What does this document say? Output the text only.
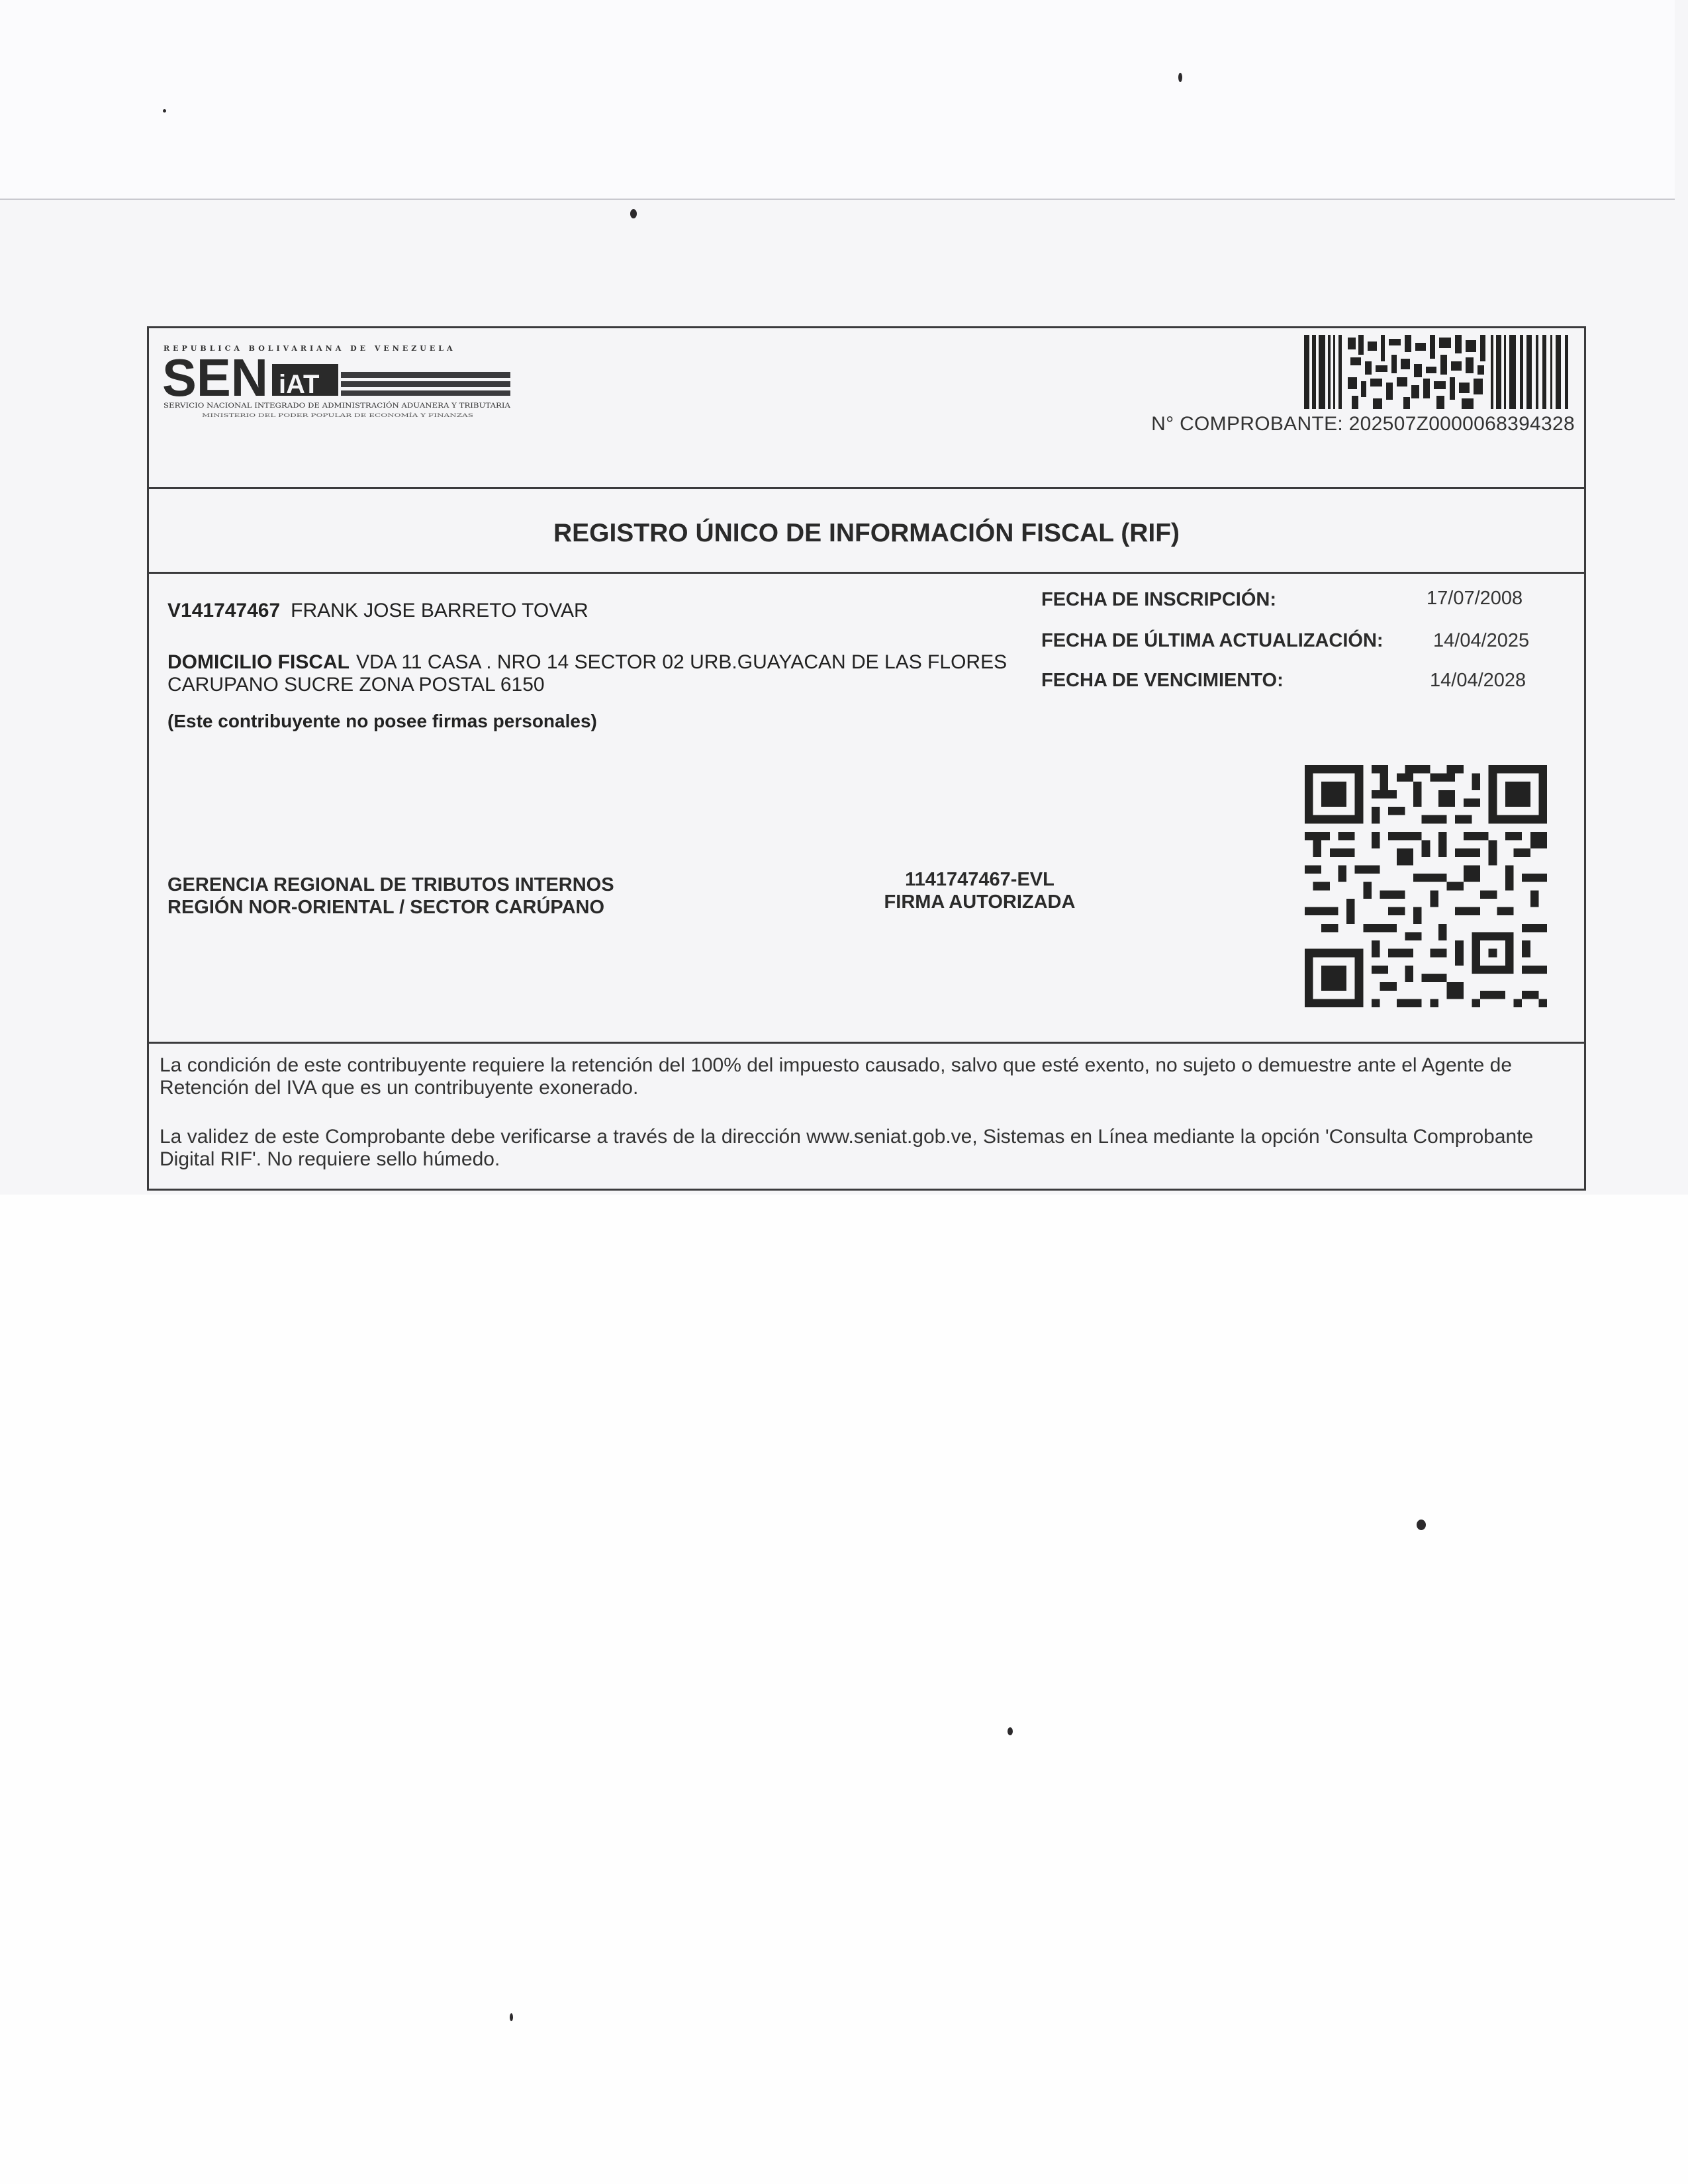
REPUBLICA BOLIVARIANA DE VENEZUELA
SEN iAT
SERVICIO NACIONAL INTEGRADO DE ADMINISTRACIÓN ADUANERA Y TRIBUTARIA
MINISTERIO DEL PODER POPULAR DE ECONOMÍA Y FINANZAS	N° COMPROBANTE: 202507Z0000068394328
REGISTRO ÚNICO DE INFORMACIÓN FISCAL (RIF)
V141747467 FRANK JOSE BARRETO TOVAR
DOMICILIO FISCAL VDA 11 CASA . NRO 14 SECTOR 02 URB.GUAYACAN DE LAS FLORES CARUPANO SUCRE ZONA POSTAL 6150
(Este contribuyente no posee firmas personales)
FECHA DE INSCRIPCIÓN:	17/07/2008
FECHA DE ÚLTIMA ACTUALIZACIÓN:	14/04/2025
FECHA DE VENCIMIENTO:	14/04/2028
GERENCIA REGIONAL DE TRIBUTOS INTERNOS
REGIÓN NOR-ORIENTAL / SECTOR CARÚPANO
1141747467-EVL
FIRMA AUTORIZADA

La condición de este contribuyente requiere la retención del 100% del impuesto causado, salvo que esté exento, no sujeto o demuestre ante el Agente de Retención del IVA que es un contribuyente exonerado.

La validez de este Comprobante debe verificarse a través de la dirección www.seniat.gob.ve, Sistemas en Línea mediante la opción 'Consulta Comprobante Digital RIF'. No requiere sello húmedo.
